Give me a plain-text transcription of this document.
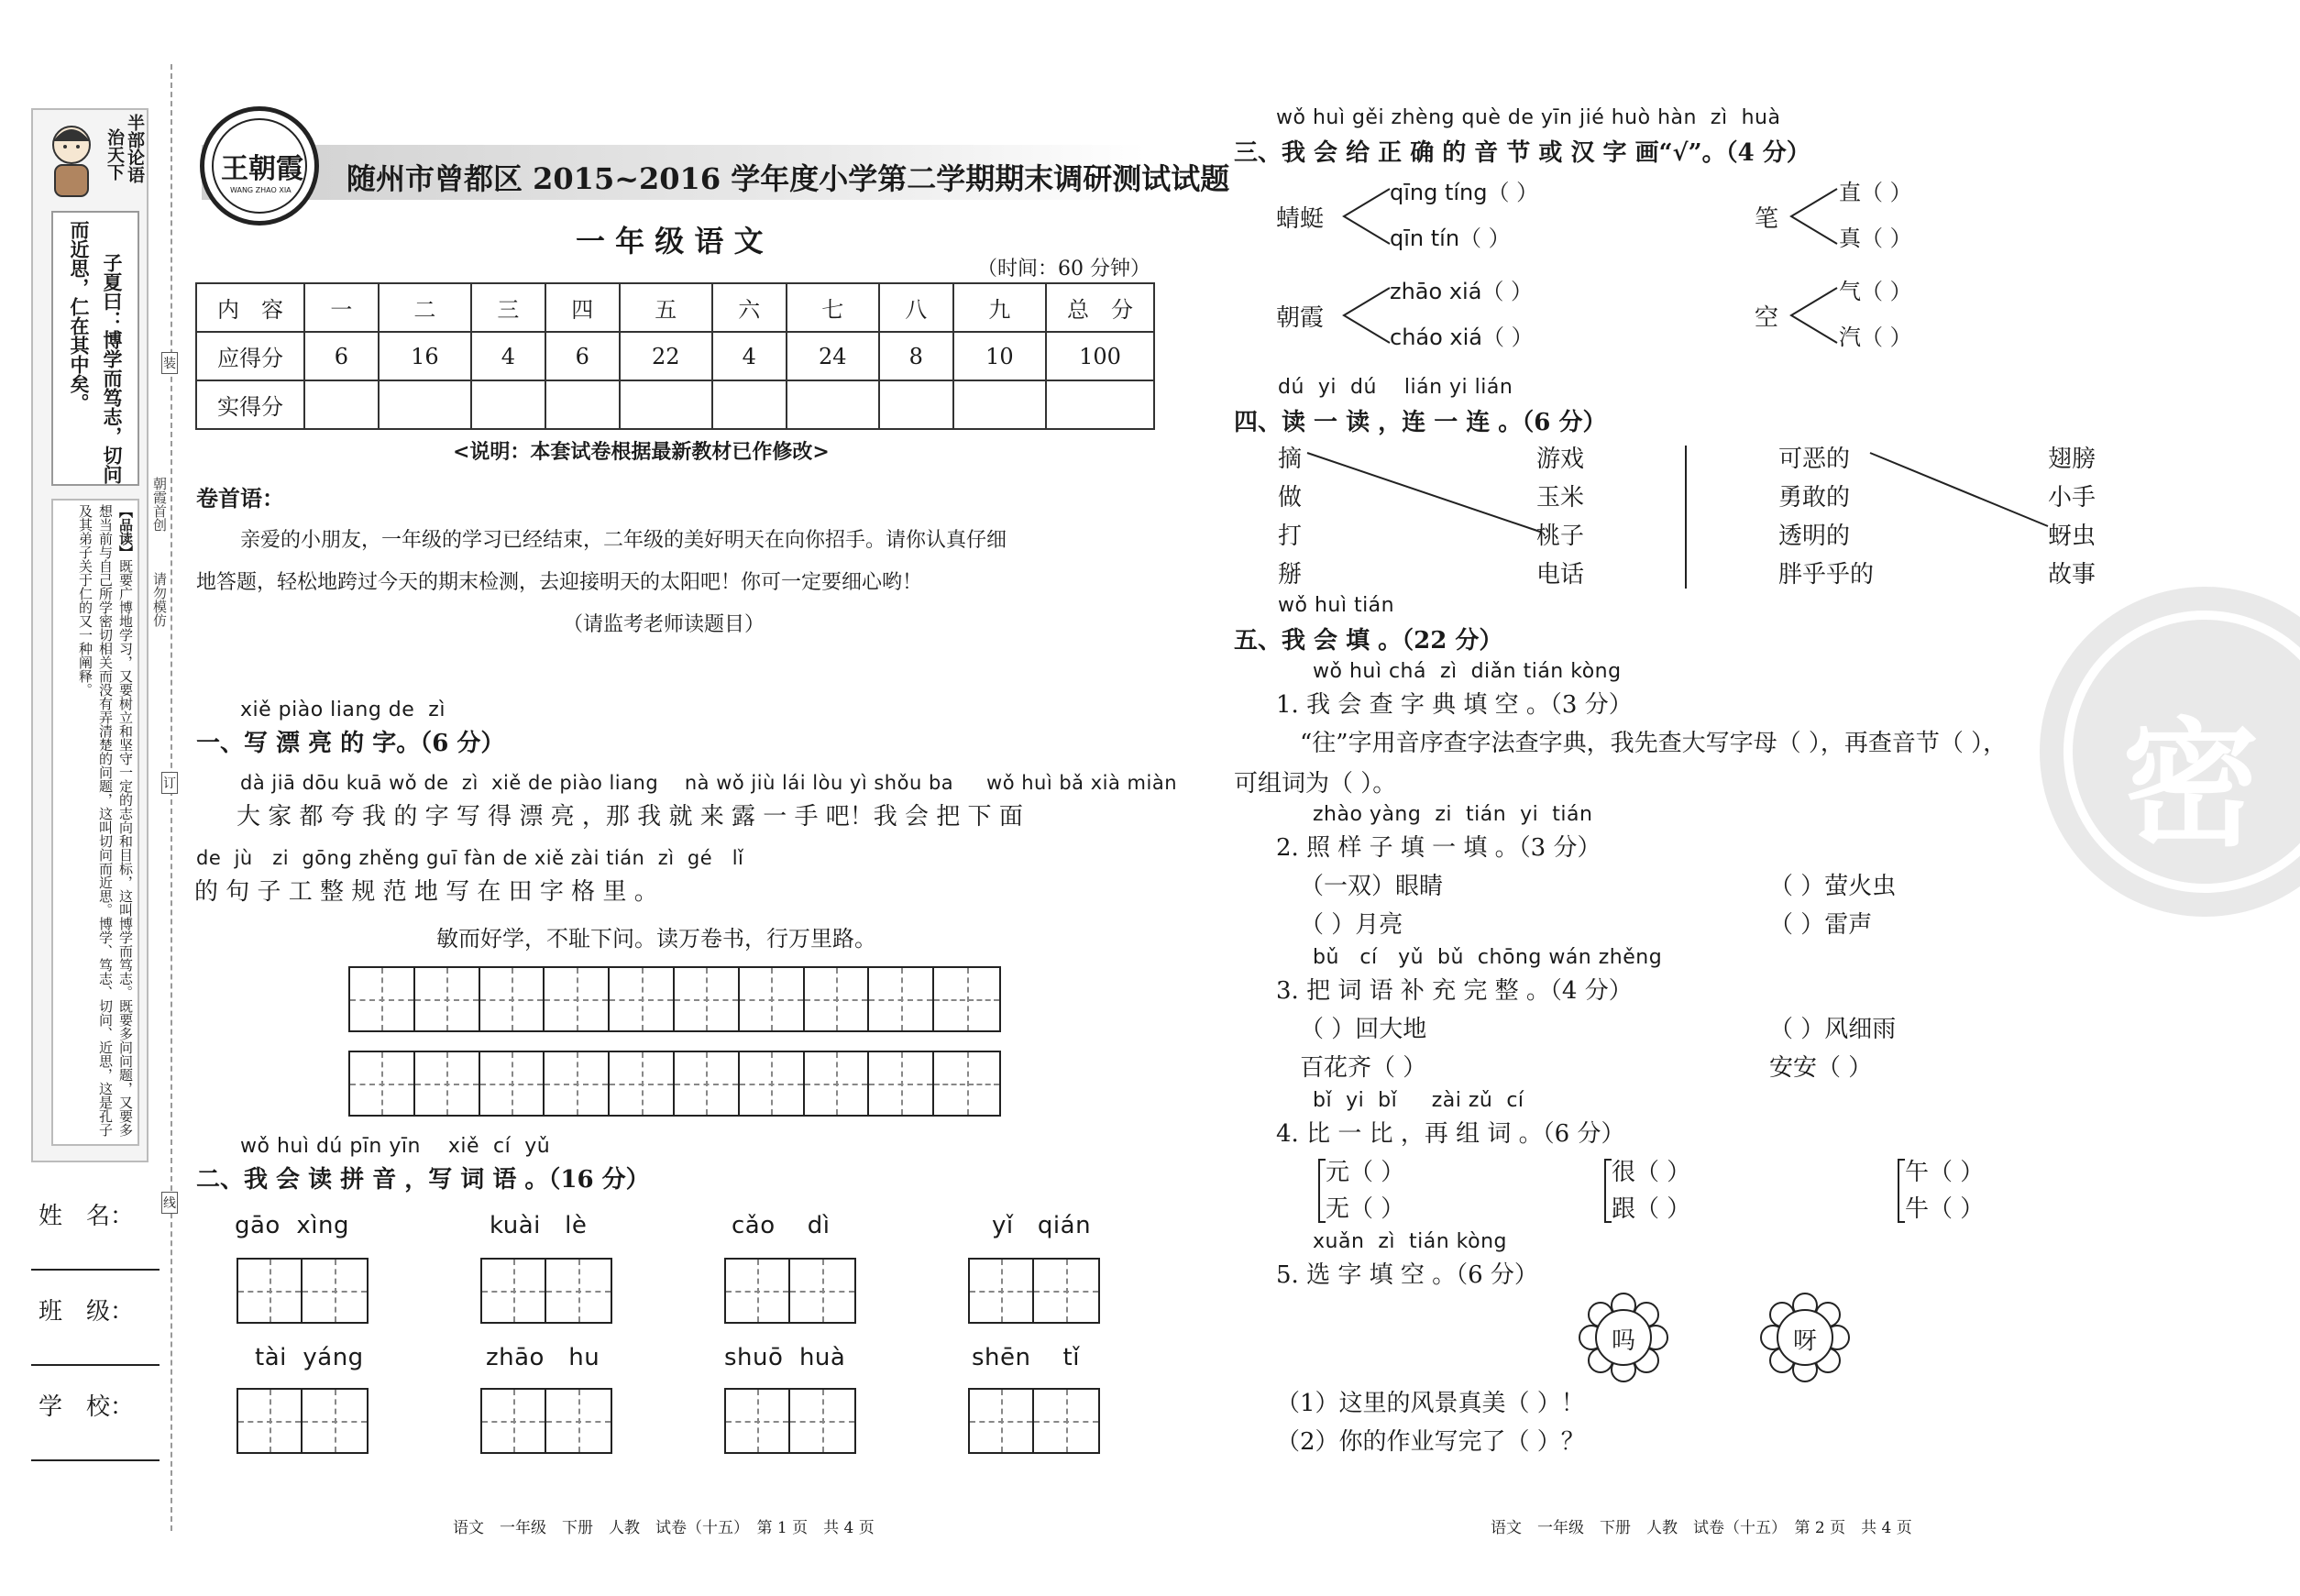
半部论语
治天下
子夏曰：博学而笃志，切问
而近思，仁在其中矣。
【品读】既要广博地学习，又要树立和坚守一定的志向和目标，这叫博学而笃志。既要多问问题，又要多想当前与自己所学密切相关而没有弄清楚的问题，这叫切问而近思。博学、笃志、切问、近思，这是孔子及其弟子关于仁的又一种阐释。
姓　名：
班　级：
学　校：
装
订
线
朝霞首创
请勿模仿
王朝霞
WANG ZHAO XIA 随州市曾都区 2015~2016 学年度小学第二学期期末调研测试试题
一 年 级 语 文
（时间：60 分钟）
内　容	一	二	三	四	五	六	七	八	九	总　分
应得分	6	16	4	6	22	4	24	8	10	100
实得分										
<说明：本套试卷根据最新教材已作修改>
卷首语：
亲爱的小朋友，一年级的学习已经结束，二年级的美好明天在向你招手。请你认真仔细
地答题，轻松地跨过今天的期末检测，去迎接明天的太阳吧！你可一定要细心哟！
（请监考老师读题目）
xiě piào liang de  zì
一、写 漂 亮 的 字。（6 分）
dà jiā dōu kuā wǒ de  zì  xiě de piào liang    nà wǒ jiù lái lòu yì shǒu ba     wǒ huì bǎ xià miàn
大 家 都 夸 我 的 字 写 得 漂 亮 ，那 我 就 来 露 一 手 吧！我 会 把 下 面
de  jù   zi  gōng zhěng guī fàn de xiě zài tián  zì  gé   lǐ
的 句 子 工 整 规 范 地 写 在 田 字 格 里 。
敏而好学，不耻下问。读万卷书，行万里路。
wǒ huì dú pīn yīn    xiě  cí  yǔ
二、我 会 读 拼 音 ，写 词 语 。（16 分）
gāo  xìng	kuài   lè	cǎo    dì	yǐ   qián
tài  yáng	zhāo   hu	shuō  huà	shēn    tǐ
语文　一年级　下册　人教　试卷（十五）　第 1 页　共 4 页
密
wǒ huì gěi zhèng què de yīn jié huò hàn  zì  huà
三、我 会 给 正 确 的 音 节 或 汉 字 画“√”。（4 分）
蜻蜓
qīng tíng（ ）
qīn tín（ ）
笔
直（ ）
真（ ）
朝霞
zhāo xiá（ ）
cháo xiá（ ）
空
气（ ）
汽（ ）
dú  yi  dú    lián yi lián
四、读 一 读 ，连 一 连 。（6 分）
摘
做
打
掰
游戏
玉米
桃子
电话
可恶的
勇敢的
透明的
胖乎乎的
翅膀
小手
蚜虫
故事
wǒ huì tián
五、我 会 填 。（22 分）
wǒ huì chá  zì  diǎn tián kòng
1. 我 会 查 字 典 填 空 。（3 分）
“往”字用音序查字法查字典，我先查大写字母（ ），再查音节（ ），
可组词为（ ）。
zhào yàng  zi  tián  yi  tián
2. 照 样 子 填 一 填 。（3 分）
（一双）眼睛	（ ）萤火虫
（ ）月亮	（ ）雷声
bǔ   cí   yǔ  bǔ  chōng wán zhěng
3. 把 词 语 补 充 完 整 。（4 分）
（ ）回大地	（ ）风细雨
百花齐（ ）	安安（ ）
bǐ  yi  bǐ     zài zǔ  cí
4. 比 一 比 ，再 组 词 。（6 分）
元（ ）
无（ ）
很（ ）
跟（ ）
午（ ）
牛（ ）
xuǎn  zì  tián kòng
5. 选 字 填 空 。（6 分）
吗	呀
（1）这里的风景真美（ ）！
（2）你的作业写完了（ ）？
语文　一年级　下册　人教　试卷（十五）　第 2 页　共 4 页
